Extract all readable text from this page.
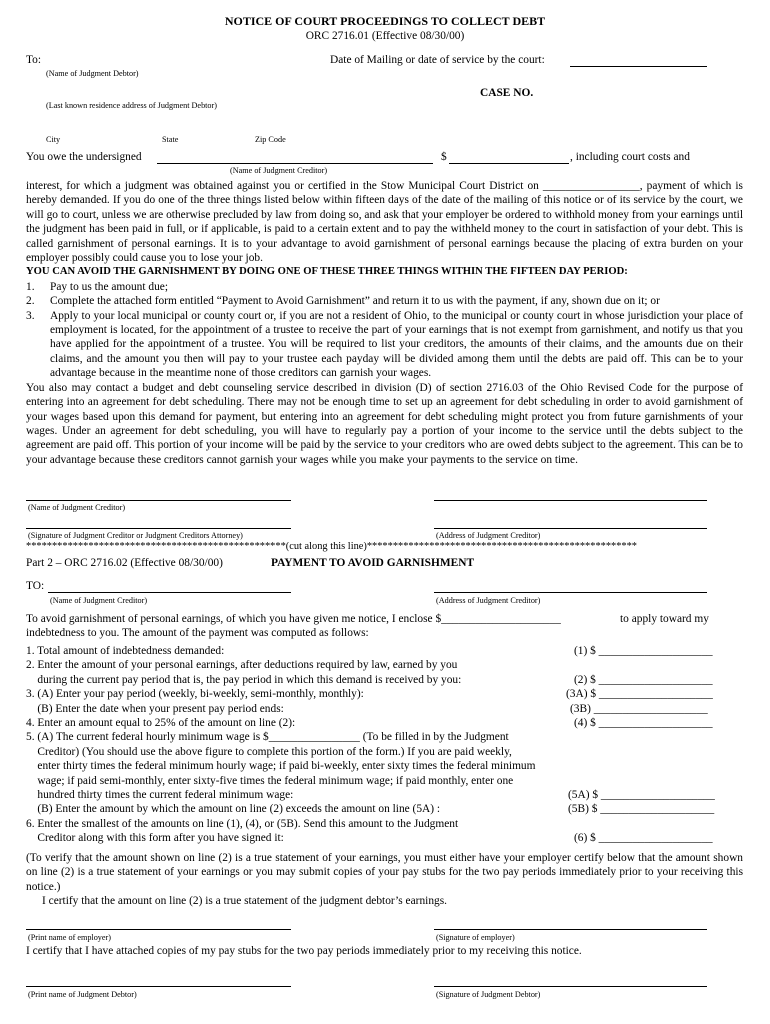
NOTICE OF COURT PROCEEDINGS TO COLLECT DEBT
ORC 2716.01 (Effective 08/30/00)
To:
(Name of Judgment Debtor)
(Last known residence address of Judgment Debtor)
City	State	Zip Code
Date of Mailing or date of service by the court:
CASE NO.
You owe the undersigned	$	, including court costs and
(Name of Judgment Creditor)

interest, for which a judgment was obtained against you or certified in the Stow Municipal Court District on _________________, payment of which is hereby demanded. If you do one of the three things listed below within fifteen days of the date of the mailing of this notice or of its service by the court, we will go to court, unless we are otherwise precluded by law from doing so, and ask that your employer be ordered to withhold money from your earnings until the judgment has been paid in full, or if applicable, is paid to a certain extent and to pay the withheld money to the court in satisfaction of your debt. This is called garnishment of personal earnings. It is to your advantage to avoid garnishment of personal earnings because the placing of extra burden on your employer possibly could cause you to lose your job.

YOU CAN AVOID THE GARNISHMENT BY DOING ONE OF THESE THREE THINGS WITHIN THE FIFTEEN DAY PERIOD:

1. Pay to us the amount due;
2. Complete the attached form entitled “Payment to Avoid Garnishment” and return it to us with the payment, if any, shown due on it; or
3. Apply to your local municipal or county court or, if you are not a resident of Ohio, to the municipal or county court in whose jurisdiction your place of employment is located, for the appointment of a trustee to receive the part of your earnings that is not exempt from garnishment, and notify us that you have applied for the appointment of a trustee. You will be required to list your creditors, the amounts of their claims, and the amounts due on their claims, and the amount you then will pay to your trustee each payday will be divided among them until the debts are paid off. This can be to your advantage because in the meantime none of those creditors can garnish your wages.

You also may contact a budget and debt counseling service described in division (D) of section 2716.03 of the Ohio Revised Code for the purpose of entering into an agreement for debt scheduling. There may not be enough time to set up an agreement for debt scheduling in order to avoid garnishment of your wages based upon this demand for payment, but entering into an agreement for debt scheduling might protect you from future garnishments of your wages. Under an agreement for debt scheduling, you will have to regularly pay a portion of your income to the service until the debts subject to the agreement are paid off. This portion of your income will be paid by the service to your creditors who are owed debts subject to the agreement. This can be to your advantage because these creditors cannot garnish your wages while you make your payments to the service on time.

(Name of Judgment Creditor)
(Signature of Judgment Creditor or Judgment Creditors Attorney)	(Address of Judgment Creditor)
**************************************************(cut along this line)****************************************************
Part 2 – ORC 2716.02 (Effective 08/30/00)	PAYMENT TO AVOID GARNISHMENT
TO:
(Name of Judgment Creditor)	(Address of Judgment Creditor)
To avoid garnishment of personal earnings, of which you have given me notice, I enclose $_____________________	to apply toward my
indebtedness to you. The amount of the payment was computed as follows:
1. Total amount of indebtedness demanded:	(1) $ ____________________
2. Enter the amount of your personal earnings, after deductions required by law, earned by you
during the current pay period that is, the pay period in which this demand is received by you:	(2) $ ____________________
3. (A) Enter your pay period (weekly, bi-weekly, semi-monthly, monthly):	(3A) $ ____________________
(B) Enter the date when your present pay period ends:	(3B) ____________________
4. Enter an amount equal to 25% of the amount on line (2):	(4) $ ____________________
5. (A) The current federal hourly minimum wage is $________________ (To be filled in by the Judgment
Creditor) (You should use the above figure to complete this portion of the form.) If you are paid weekly,
enter thirty times the federal minimum hourly wage; if paid bi-weekly, enter sixty times the federal minimum
wage; if paid semi-monthly, enter sixty-five times the federal minimum wage; if paid monthly, enter one
hundred thirty times the current federal minimum wage:	(5A) $ ____________________
(B) Enter the amount by which the amount on line (2) exceeds the amount on line (5A) :	(5B) $ ____________________
6. Enter the smallest of the amounts on line (1), (4), or (5B). Send this amount to the Judgment
Creditor along with this form after you have signed it:	(6) $ ____________________
(To verify that the amount shown on line (2) is a true statement of your earnings, you must either have your employer certify below that the amount shown on line (2) is a true statement of your earnings or you may submit copies of your pay stubs for the two pay periods immediately prior to your receiving this notice.)
I certify that the amount on line (2) is a true statement of the judgment debtor’s earnings.
(Print name of employer)	(Signature of employer)
I certify that I have attached copies of my pay stubs for the two pay periods immediately prior to my receiving this notice.
(Print name of Judgment Debtor)	(Signature of Judgment Debtor)
